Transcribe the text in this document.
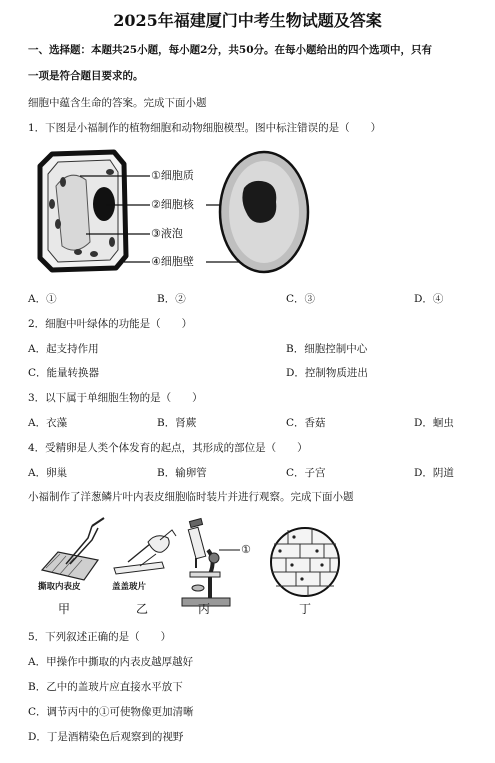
2025年福建厦门中考生物试题及答案
一、选择题：本题共25小题，每小题2分，共50分。在每小题给出的四个选项中，只有
一项是符合题目要求的。
细胞中蕴含生命的答案。完成下面小题
1．下图是小福制作的植物细胞和动物细胞模型。图中标注错误的是（　　）
①细胞质
②细胞核
③液泡
④细胞壁
A．①	B．②	C．③	D．④
2．细胞中叶绿体的功能是（　　）
A．起支持作用	B．细胞控制中心
C．能量转换器	D．控制物质进出
3．以下属于单细胞生物的是（　　）
A．衣藻	B．肾蕨	C．香菇	D．蛔虫
4．受精卵是人类个体发育的起点，其形成的部位是（　　）
A．卵巢	B．输卵管	C．子宫	D．阴道
小福制作了洋葱鳞片叶内表皮细胞临时装片并进行观察。完成下面小题
①
撕取内表皮	盖盖玻片
甲	乙	丙	丁
5．下列叙述正确的是（　　）
A．甲操作中撕取的内表皮越厚越好
B．乙中的盖玻片应直接水平放下
C．调节丙中的①可使物像更加清晰
D．丁是酒精染色后观察到的视野
